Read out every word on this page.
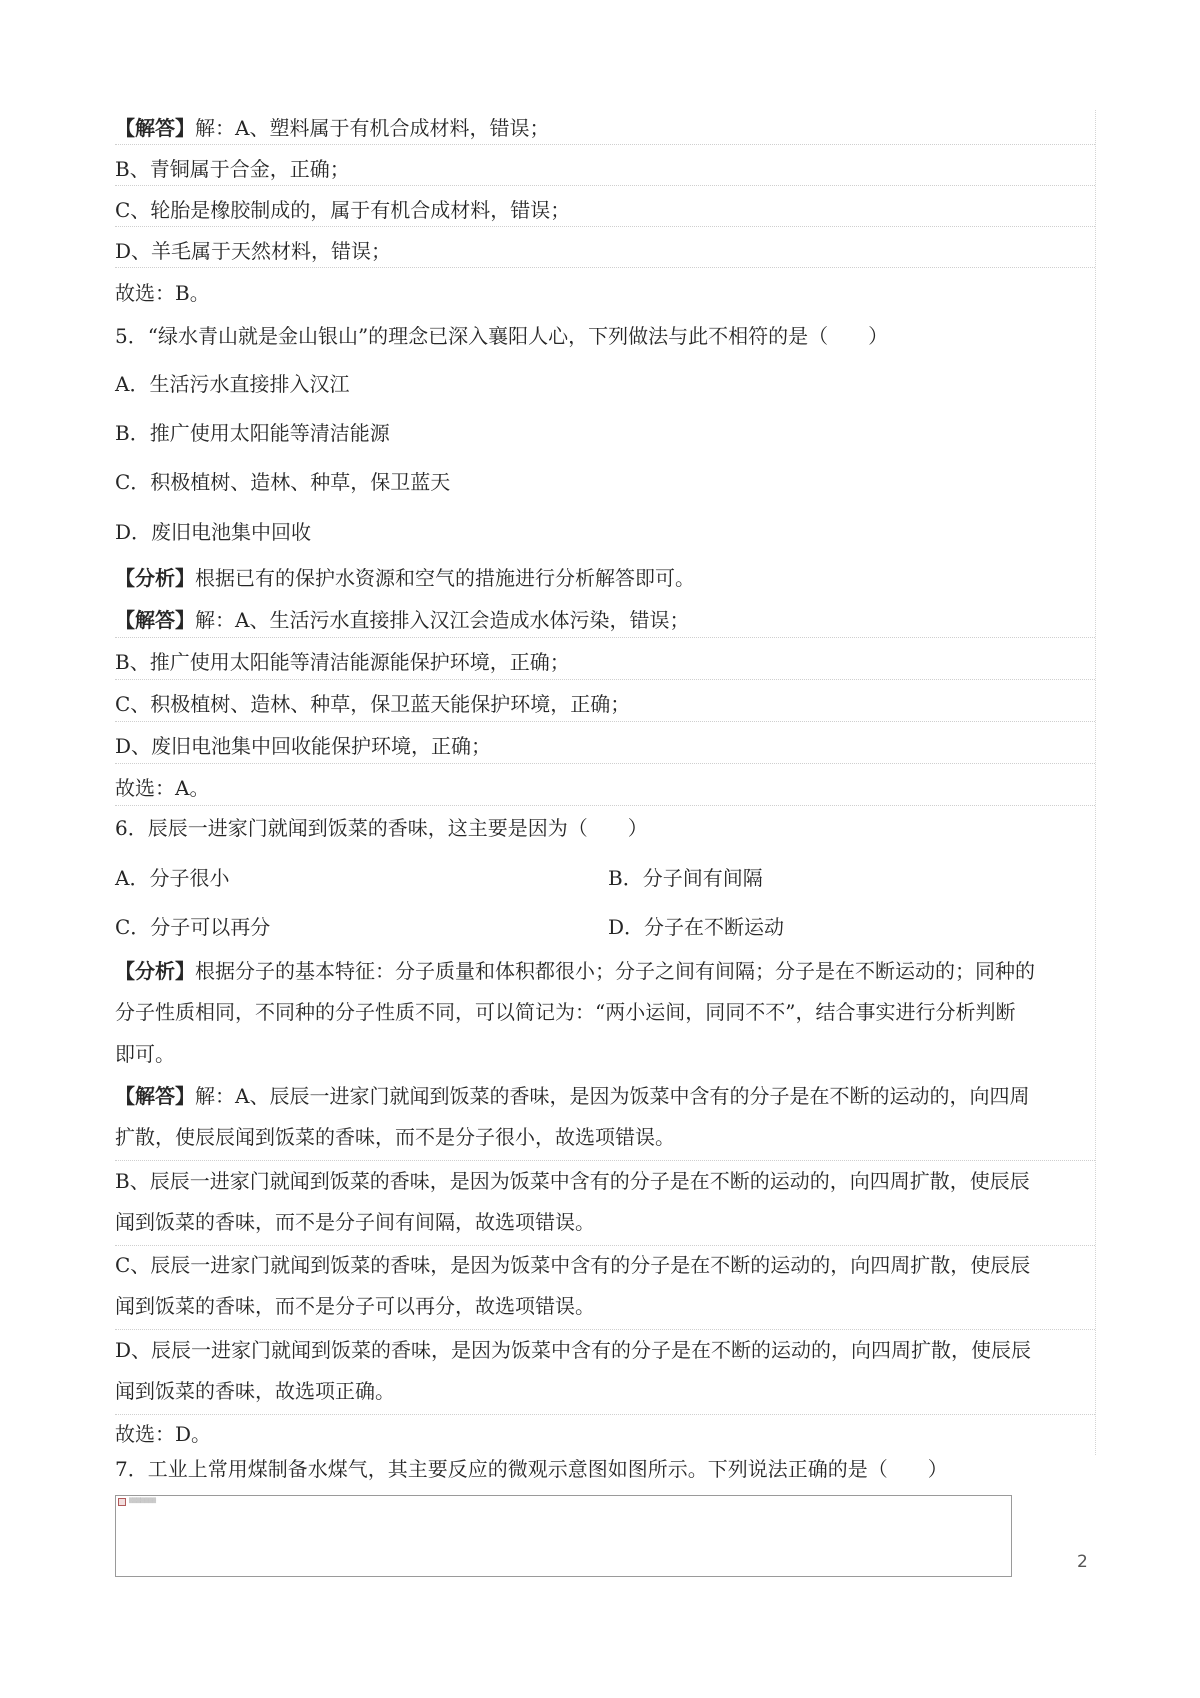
【解答】解：A、塑料属于有机合成材料，错误；
B、青铜属于合金，正确；
C、轮胎是橡胶制成的，属于有机合成材料，错误；
D、羊毛属于天然材料，错误；
故选：B。
5．“绿水青山就是金山银山”的理念已深入襄阳人心，下列做法与此不相符的是（　　）
A．生活污水直接排入汉江
B．推广使用太阳能等清洁能源
C．积极植树、造林、种草，保卫蓝天
D．废旧电池集中回收
【分析】根据已有的保护水资源和空气的措施进行分析解答即可。
【解答】解：A、生活污水直接排入汉江会造成水体污染，错误；
B、推广使用太阳能等清洁能源能保护环境，正确；
C、积极植树、造林、种草，保卫蓝天能保护环境，正确；
D、废旧电池集中回收能保护环境，正确；
故选：A。
6．辰辰一进家门就闻到饭菜的香味，这主要是因为（　　）
A．分子很小	B．分子间有间隔
C．分子可以再分	D．分子在不断运动
【分析】根据分子的基本特征：分子质量和体积都很小；分子之间有间隔；分子是在不断运动的；同种的
分子性质相同，不同种的分子性质不同，可以简记为：“两小运间，同同不不”，结合事实进行分析判断
即可。
【解答】解：A、辰辰一进家门就闻到饭菜的香味，是因为饭菜中含有的分子是在不断的运动的，向四周
扩散，使辰辰闻到饭菜的香味，而不是分子很小，故选项错误。
B、辰辰一进家门就闻到饭菜的香味，是因为饭菜中含有的分子是在不断的运动的，向四周扩散，使辰辰
闻到饭菜的香味，而不是分子间有间隔，故选项错误。
C、辰辰一进家门就闻到饭菜的香味，是因为饭菜中含有的分子是在不断的运动的，向四周扩散，使辰辰
闻到饭菜的香味，而不是分子可以再分，故选项错误。
D、辰辰一进家门就闻到饭菜的香味，是因为饭菜中含有的分子是在不断的运动的，向四周扩散，使辰辰
闻到饭菜的香味，故选项正确。
故选：D。
7．工业上常用煤制备水煤气，其主要反应的微观示意图如图所示。下列说法正确的是（　　）
▒▒▒▒▒▒▒
2
